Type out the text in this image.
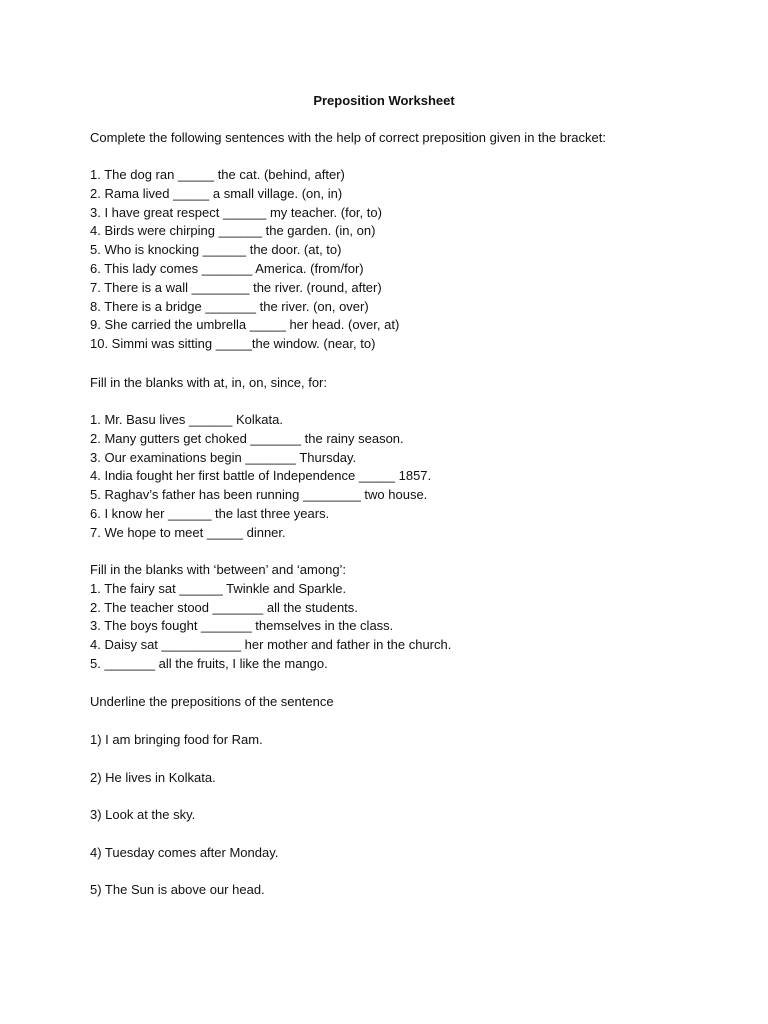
Preposition Worksheet
Complete the following sentences with the help of correct preposition given in the bracket:
1. The dog ran _____ the cat. (behind, after)
2. Rama lived _____ a small village. (on, in)
3. I have great respect ______ my teacher. (for, to)
4. Birds were chirping ______ the garden. (in, on)
5. Who is knocking ______ the door. (at, to)
6. This lady comes _______ America. (from/for)
7. There is a wall ________ the river. (round, after)
8. There is a bridge _______ the river. (on, over)
9. She carried the umbrella _____ her head. (over, at)
10. Simmi was sitting _____the window. (near, to)
Fill in the blanks with at, in, on, since, for:
1. Mr. Basu lives ______ Kolkata.
2. Many gutters get choked _______ the rainy season.
3. Our examinations begin _______ Thursday.
4. India fought her first battle of Independence _____ 1857.
5. Raghav’s father has been running ________ two house.
6. I know her ______ the last three years.
7. We hope to meet _____ dinner.
Fill in the blanks with ‘between’ and ‘among’:
1. The fairy sat ______ Twinkle and Sparkle.
2. The teacher stood _______ all the students.
3. The boys fought _______ themselves in the class.
4. Daisy sat ___________ her mother and father in the church.
5. _______ all the fruits, I like the mango.
Underline the prepositions of the sentence
1) I am bringing food for Ram.
2) He lives in Kolkata.
3) Look at the sky.
4) Tuesday comes after Monday.
5) The Sun is above our head.
